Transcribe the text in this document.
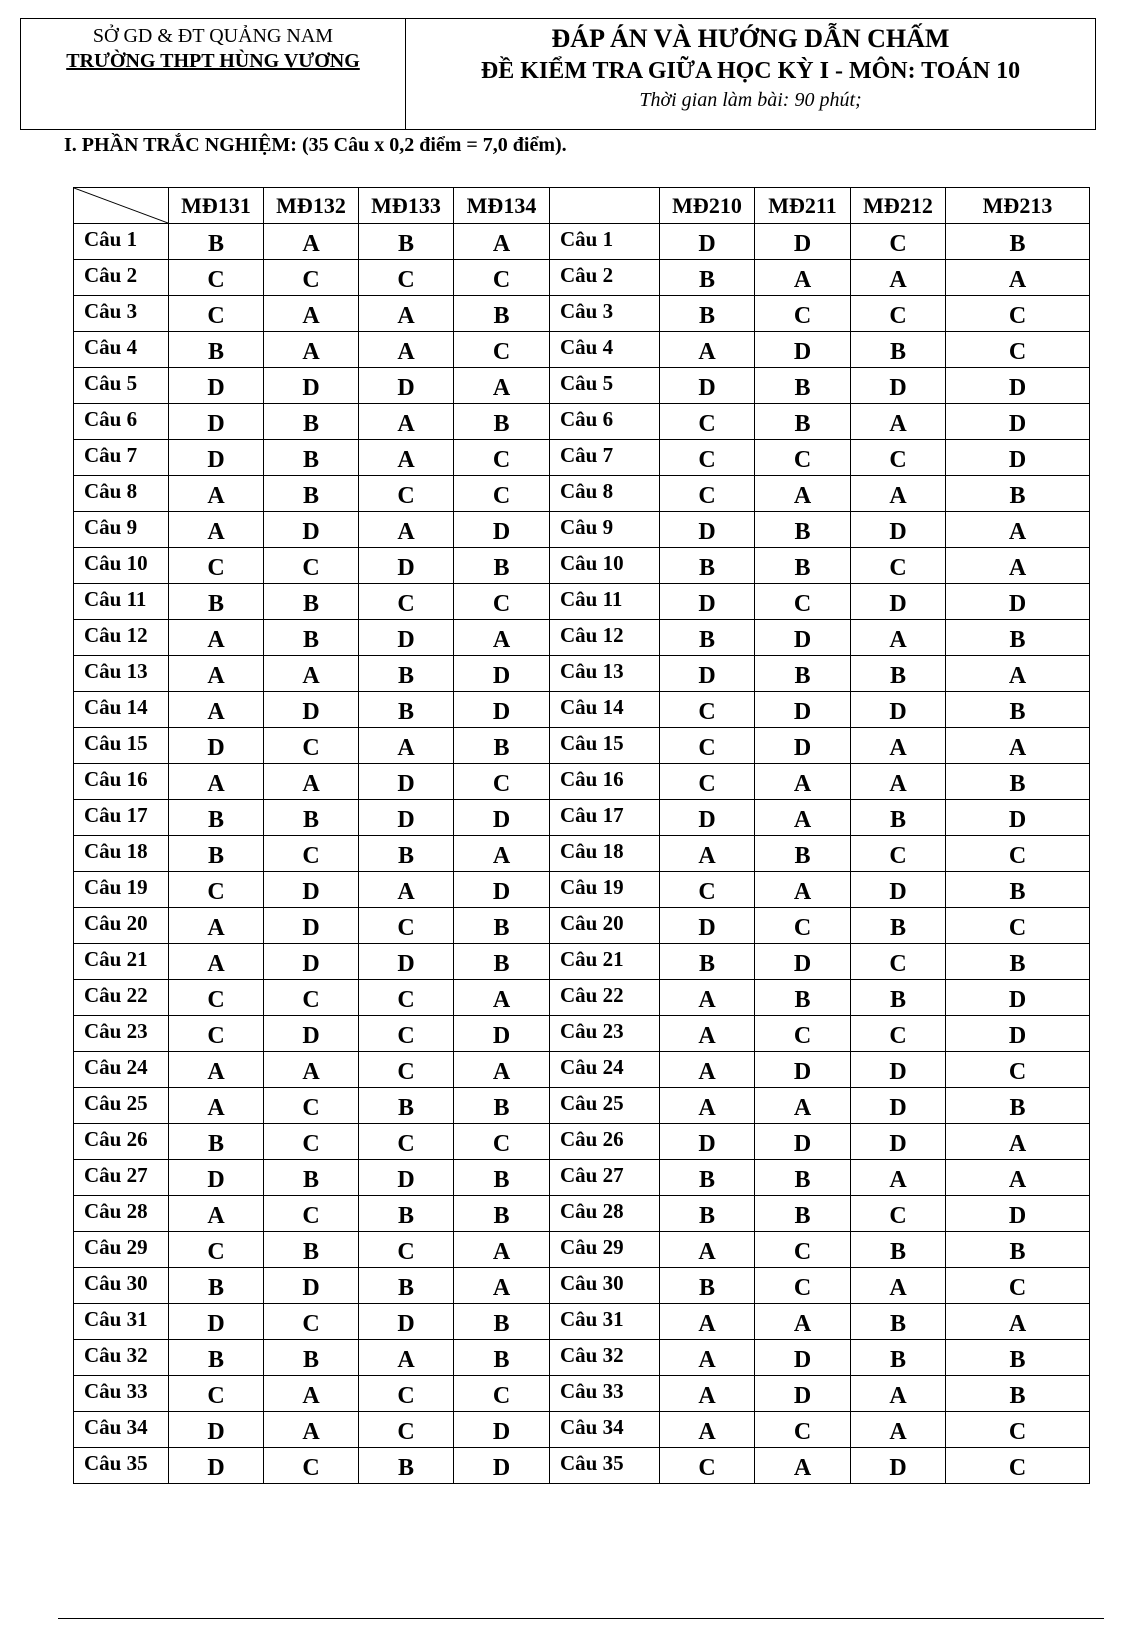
SỞ GD & ĐT QUẢNG NAM
TRƯỜNG THPT HÙNG VƯƠNG
ĐÁP ÁN VÀ HƯỚNG DẪN CHẤM
ĐỀ KIỂM TRA GIỮA HỌC KỲ I - MÔN: TOÁN 10
Thời gian làm bài: 90 phút;
I. PHẦN TRẮC NGHIỆM: (35 Câu x 0,2 điểm = 7,0 điểm).
	MĐ131	MĐ132	MĐ133	MĐ134		MĐ210	MĐ211	MĐ212	MĐ213
Câu 1	B	A	B	A	Câu 1	D	D	C	B
Câu 2	C	C	C	C	Câu 2	B	A	A	A
Câu 3	C	A	A	B	Câu 3	B	C	C	C
Câu 4	B	A	A	C	Câu 4	A	D	B	C
Câu 5	D	D	D	A	Câu 5	D	B	D	D
Câu 6	D	B	A	B	Câu 6	C	B	A	D
Câu 7	D	B	A	C	Câu 7	C	C	C	D
Câu 8	A	B	C	C	Câu 8	C	A	A	B
Câu 9	A	D	A	D	Câu 9	D	B	D	A
Câu 10	C	C	D	B	Câu 10	B	B	C	A
Câu 11	B	B	C	C	Câu 11	D	C	D	D
Câu 12	A	B	D	A	Câu 12	B	D	A	B
Câu 13	A	A	B	D	Câu 13	D	B	B	A
Câu 14	A	D	B	D	Câu 14	C	D	D	B
Câu 15	D	C	A	B	Câu 15	C	D	A	A
Câu 16	A	A	D	C	Câu 16	C	A	A	B
Câu 17	B	B	D	D	Câu 17	D	A	B	D
Câu 18	B	C	B	A	Câu 18	A	B	C	C
Câu 19	C	D	A	D	Câu 19	C	A	D	B
Câu 20	A	D	C	B	Câu 20	D	C	B	C
Câu 21	A	D	D	B	Câu 21	B	D	C	B
Câu 22	C	C	C	A	Câu 22	A	B	B	D
Câu 23	C	D	C	D	Câu 23	A	C	C	D
Câu 24	A	A	C	A	Câu 24	A	D	D	C
Câu 25	A	C	B	B	Câu 25	A	A	D	B
Câu 26	B	C	C	C	Câu 26	D	D	D	A
Câu 27	D	B	D	B	Câu 27	B	B	A	A
Câu 28	A	C	B	B	Câu 28	B	B	C	D
Câu 29	C	B	C	A	Câu 29	A	C	B	B
Câu 30	B	D	B	A	Câu 30	B	C	A	C
Câu 31	D	C	D	B	Câu 31	A	A	B	A
Câu 32	B	B	A	B	Câu 32	A	D	B	B
Câu 33	C	A	C	C	Câu 33	A	D	A	B
Câu 34	D	A	C	D	Câu 34	A	C	A	C
Câu 35	D	C	B	D	Câu 35	C	A	D	C
